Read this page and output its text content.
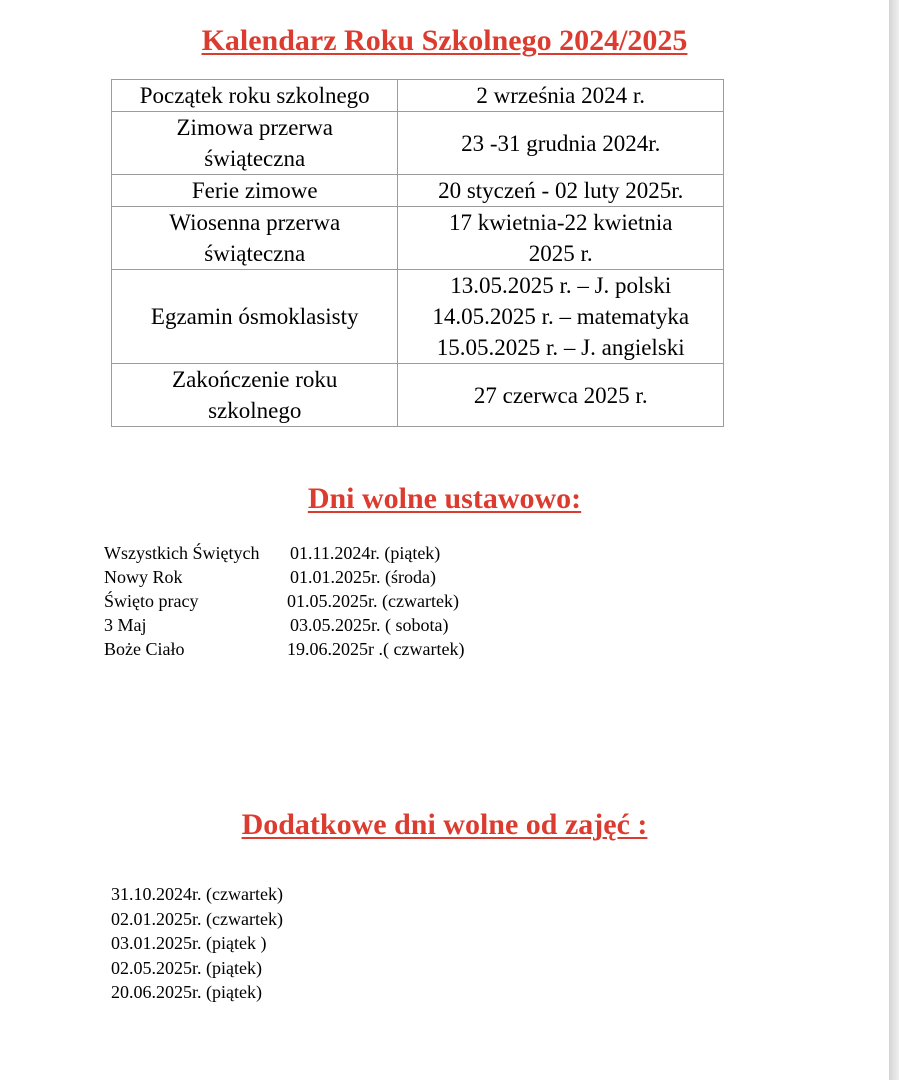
Kalendarz Roku Szkolnego 2024/2025
Początek roku szkolnego	2 września 2024 r.

Zimowa przerwa
świąteczna	23 -31 grudnia 2024r.

Ferie zimowe	20 styczeń - 02 luty 2025r.

Wiosenna przerwa
świąteczna	17 kwietnia-22 kwietnia
2025 r.

Egzamin ósmoklasisty	13.05.2025 r. – J. polski
14.05.2025 r. – matematyka
15.05.2025 r. – J. angielski

Zakończenie roku
szkolnego	27 czerwca 2025 r.
Dni wolne ustawowo:
Wszystkich Świętych 01.11.2024r. (piątek)
Nowy Rok	01.01.2025r. (środa)
Święto pracy	01.05.2025r. (czwartek)
3 Maj	03.05.2025r. ( sobota)
Boże Ciało	19.06.2025r .( czwartek)
Dodatkowe dni wolne od zajęć :
31.10.2024r. (czwartek)
02.01.2025r. (czwartek)
03.01.2025r. (piątek )
02.05.2025r. (piątek)
20.06.2025r. (piątek)
